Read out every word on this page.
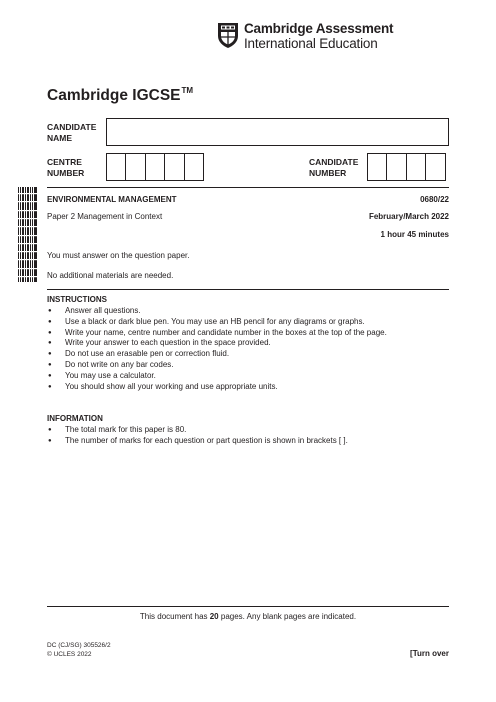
Cambridge Assessment
International Education
Cambridge IGCSE™
CANDIDATE
NAME
CENTRE
NUMBER
CANDIDATE
NUMBER
ENVIRONMENTAL MANAGEMENT	0680/22
Paper 2 Management in Context	February/March 2022
1 hour 45 minutes
You must answer on the question paper.
No additional materials are needed.
INSTRUCTIONS
● Answer all questions.
● Use a black or dark blue pen. You may use an HB pencil for any diagrams or graphs.
● Write your name, centre number and candidate number in the boxes at the top of the page.
● Write your answer to each question in the space provided.
● Do not use an erasable pen or correction fluid.
● Do not write on any bar codes.
● You may use a calculator.
● You should show all your working and use appropriate units.
INFORMATION
● The total mark for this paper is 80.
● The number of marks for each question or part question is shown in brackets [ ].
This document has 20 pages. Any blank pages are indicated.
DC (CJ/SG) 305526/2
© UCLES 2022	[Turn over
